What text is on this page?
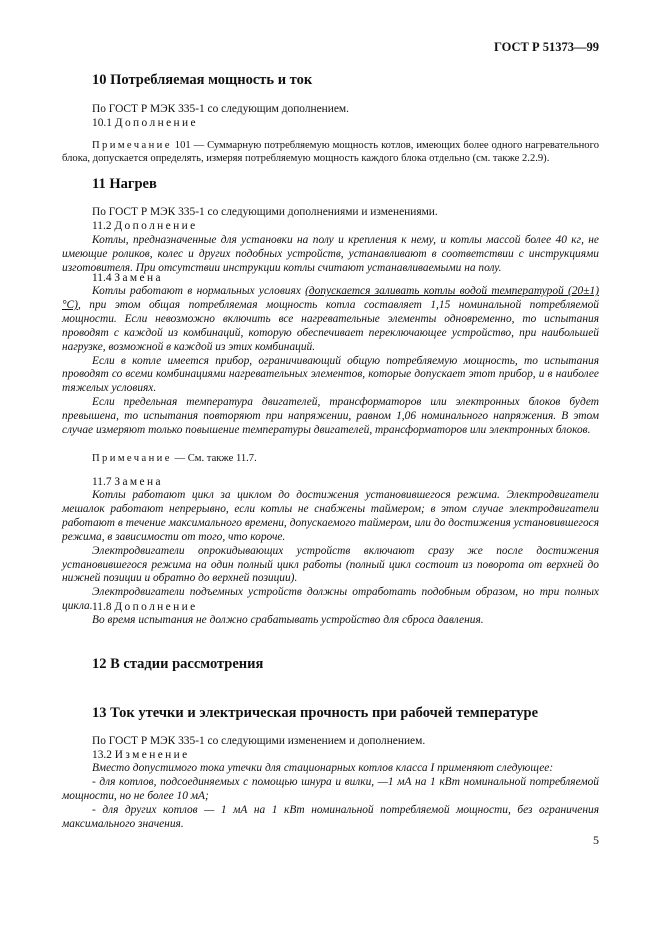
ГОСТ Р 51373—99
10 Потребляемая мощность и ток

По ГОСТ Р МЭК 335-1 со следующим дополнением.

10.1 Дополнение

Примечание 101 — Суммарную потребляемую мощность котлов, имеющих более одного нагревательного блока, допускается определять, измеряя потребляемую мощность каждого блока отдельно (см. также 2.2.9).

11 Нагрев

По ГОСТ Р МЭК 335-1 со следующими дополнениями и изменениями.

11.2 Дополнение

Котлы, предназначенные для установки на полу и крепления к нему, и котлы массой более 40 кг, не имеющие роликов, колес и других подобных устройств, устанавливают в соответствии с инструкциями изготовителя. При отсутствии инструкции котлы считают устанавливаемыми на полу.

11.4 Замена

Котлы работают в нормальных условиях (допускается заливать котлы водой температурой (20±1) °С), при этом общая потребляемая мощность котла составляет 1,15 номинальной потребляемой мощности. Если невозможно включить все нагревательные элементы одновременно, то испытания проводят с каждой из комбинаций, которую обеспечивает переключающее устройство, при наибольшей нагрузке, возможной в каждой из этих комбинаций.

Если в котле имеется прибор, ограничивающий общую потребляемую мощность, то испытания проводят со всеми комбинациями нагревательных элементов, которые допускает этот прибор, и в наиболее тяжелых условиях.

Если предельная температура двигателей, трансформаторов или электронных блоков будет превышена, то испытания повторяют при напряжении, равном 1,06 номинального напряжения. В этом случае измеряют только повышение температуры двигателей, трансформаторов или электронных блоков.

Примечание — См. также 11.7.

11.7 Замена

Котлы работают цикл за циклом до достижения установившегося режима. Электродвигатели мешалок работают непрерывно, если котлы не снабжены таймером; в этом случае электродвигатели работают в течение максимального времени, допускаемого таймером, или до достижения установившегося режима, в зависимости от того, что короче.

Электродвигатели опрокидывающих устройств включают сразу же после достижения установившегося режима на один полный цикл работы (полный цикл состоит из поворота от верхней до нижней позиции и обратно до верхней позиции).

Электродвигатели подъемных устройств должны отработать подобным образом, но три полных цикла. 11.8 Дополнение

Во время испытания не должно срабатывать устройство для сброса давления.

12 В стадии рассмотрения
13 Ток утечки и электрическая прочность при рабочей температуре

По ГОСТ Р МЭК 335-1 со следующими изменением и дополнением.

13.2 Изменение

Вместо допустимого тока утечки для стационарных котлов класса I применяют следующее:

- для котлов, подсоединяемых с помощью шнура и вилки, —1 мА на 1 кВт номинальной потребляемой мощности, но не более 10 мА;

- для других котлов — 1 мА на 1 кВт номинальной потребляемой мощности, без ограничения максимального значения.

5
